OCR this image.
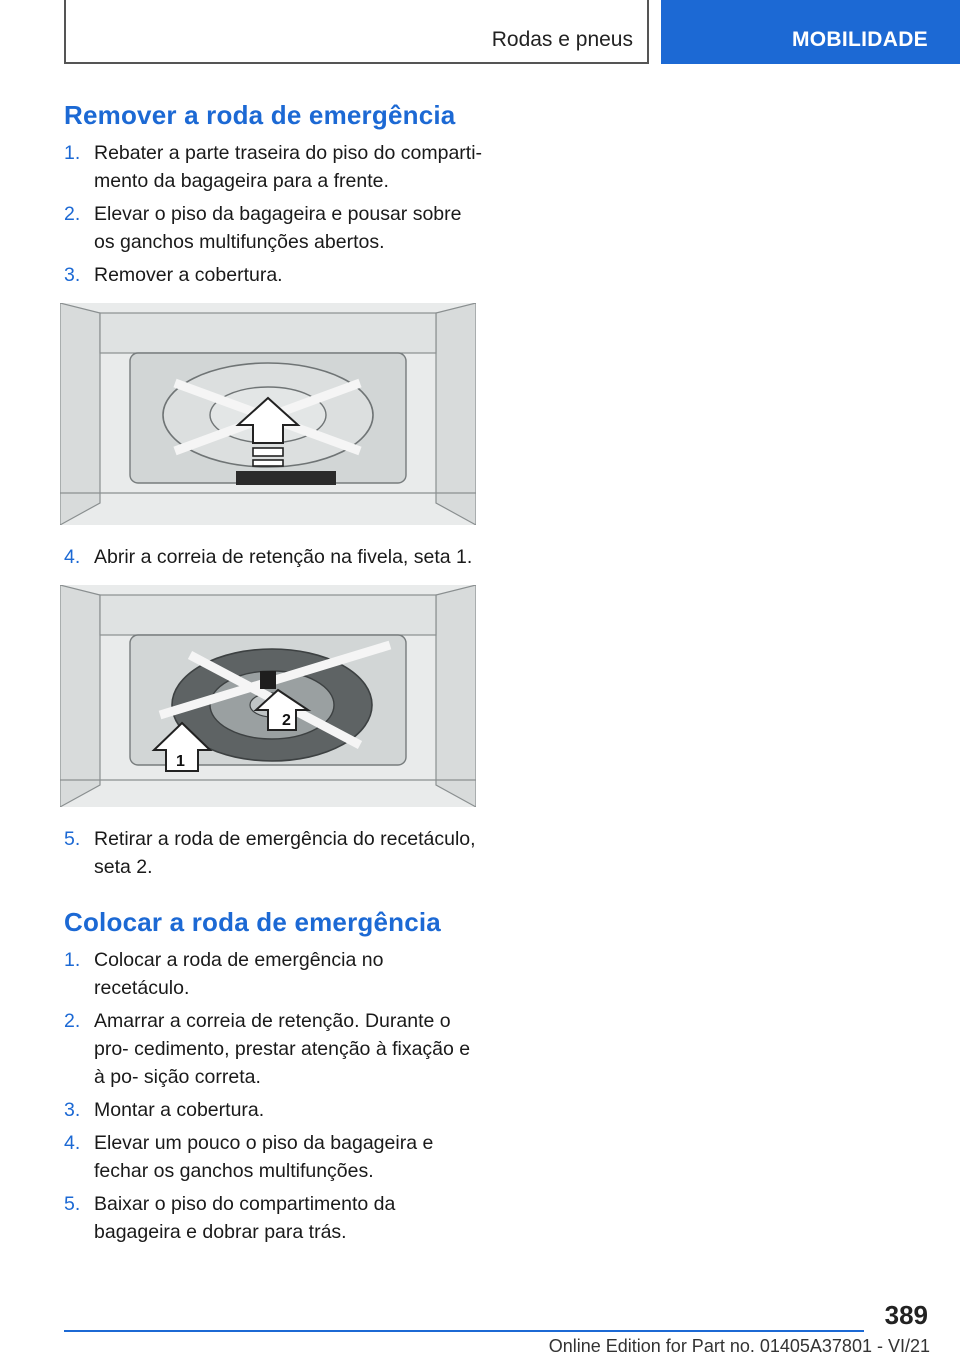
Rodas e pneus	MOBILIDADE
Remover a roda de emergência
1. Rebater a parte traseira do piso do comparti‐ mento da bagageira para a frente.
2. Elevar o piso da bagageira e pousar sobre os ganchos multifunções abertos.
3. Remover a cobertura.
4. Abrir a correia de retenção na fivela, seta 1.
2
1
5. Retirar a roda de emergência do recetáculo, seta 2.
Colocar a roda de emergência
1. Colocar a roda de emergência no recetáculo.
2. Amarrar a correia de retenção. Durante o pro‐ cedimento, prestar atenção à fixação e à po‐ sição correta.
3. Montar a cobertura.
4. Elevar um pouco o piso da bagageira e fechar os ganchos multifunções.
5. Baixar o piso do compartimento da bagageira e dobrar para trás.
389
Online Edition for Part no. 01405A37801 - VI/21
